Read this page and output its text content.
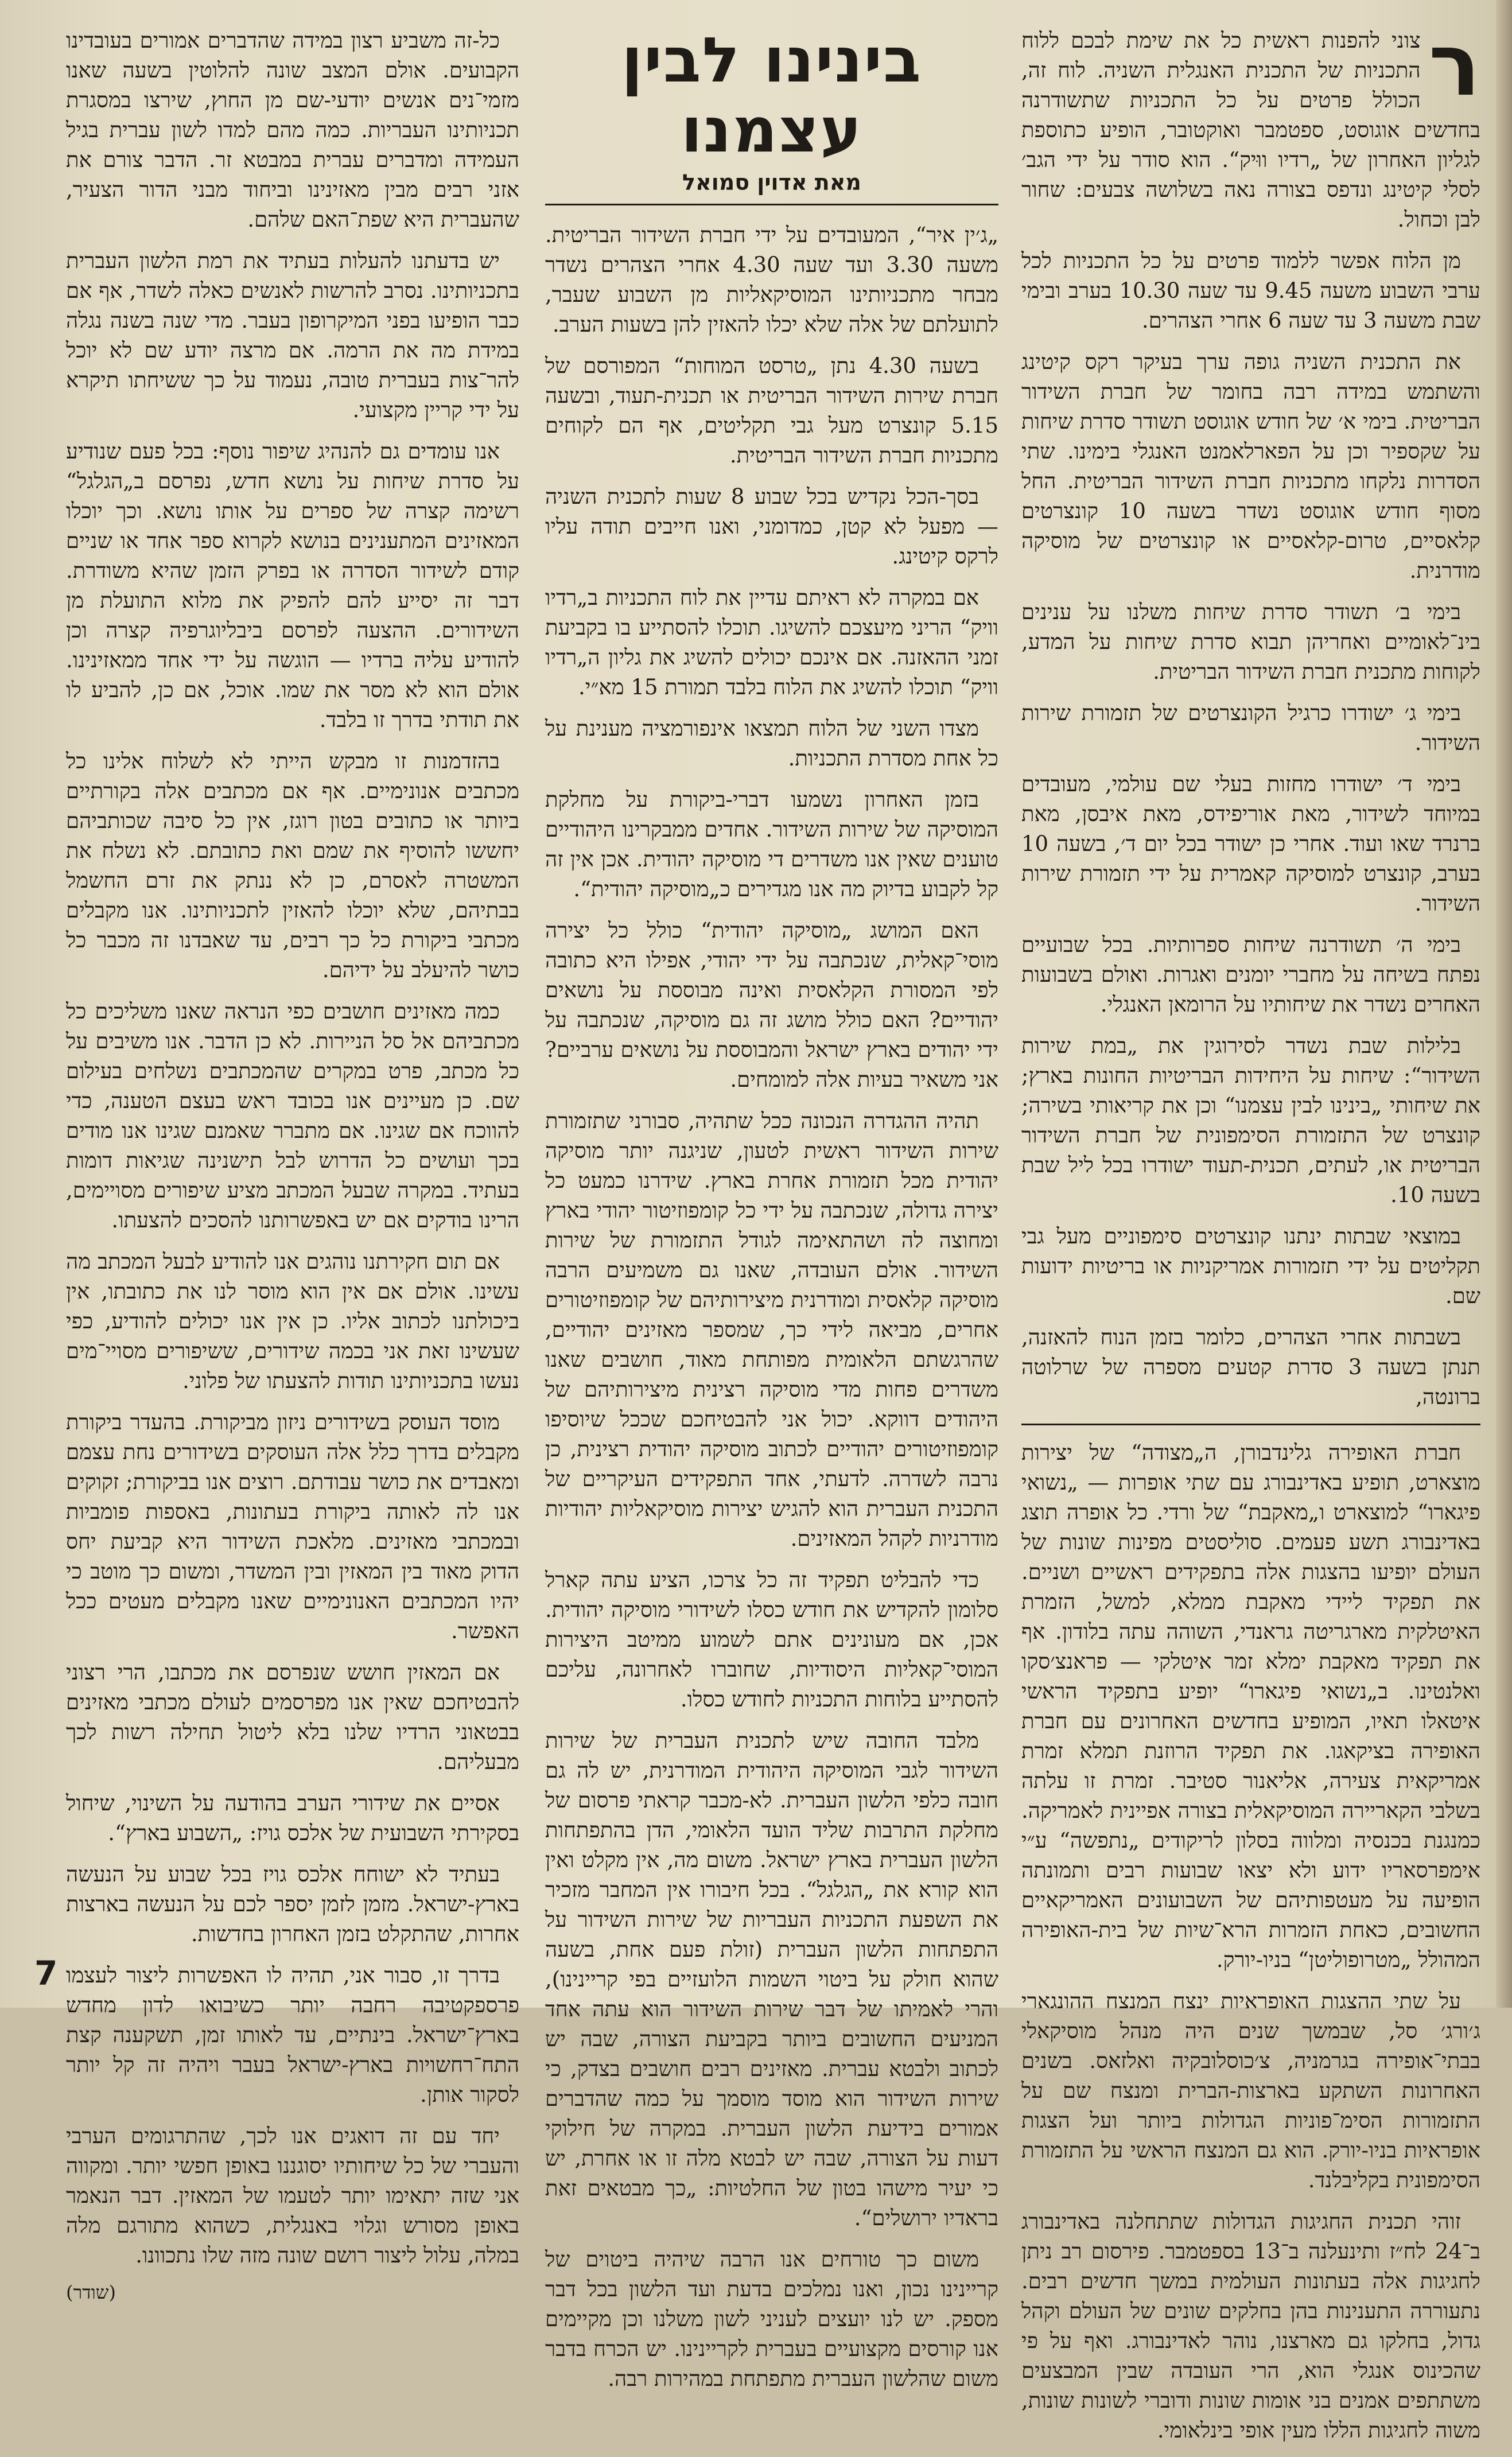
ר
צוני להפנות ראשית כל את שימת לבכם ללוח התכניות של התכנית האנגלית השניה. לוח זה, הכולל פרטים על כל התכניות שתשודרנה בחדשים אוגוסט, ספטמבר ואוקטובר, הופיע כתוספת לגליון האחרון של „רדיו ווּיק“. הוא סודר על ידי הגב׳ לסלי קיטינג ונדפס בצורה נאה בשלושה צבעים: שחור לבן וכחול.

מן הלוח אפשר ללמוד פרטים על כל התכניות לכל ערבי השבוע משעה 9.45 עד שעה 10.30 בערב ובימי שבת משעה 3 עד שעה 6 אחרי הצהרים.

את התכנית השניה גופה ערך בעיקר רקס קיטינג והשתמש במידה רבה בחומר של חברת השידור הבריטית. בימי א׳ של חודש אוגוסט תשודר סדרת שיחות על שקספיר וכן על הפארלאמנט האנגלי בימינו. שתי הסדרות נלקחו מתכניות חברת השידור הבריטית. החל מסוף חודש אוגוסט נשדר בשעה 10 קונצרטים קלאסיים, טרום-קלאסיים או קונצרטים של מוסיקה מודרנית.

בימי ב׳ תשודר סדרת שיחות משלנו על ענינים בינ־לאומיים ואחריהן תבוא סדרת שיחות על המדע, לקוחות מתכנית חברת השידור הבריטית.

בימי ג׳ ישודרו כרגיל הקונצרטים של תזמורת שירות השידור.

בימי ד׳ ישודרו מחזות בעלי שם עולמי, מעובדים במיוחד לשידור, מאת אוריפידס, מאת איבסן, מאת ברנרד שאו ועוד. אחרי כן ישודר בכל יום ד׳, בשעה 10 בערב, קונצרט למוסיקה קאמרית על ידי תזמורת שירות השידור.

בימי ה׳ תשודרנה שיחות ספרותיות. בכל שבועיים נפתח בשיחה על מחברי יומנים ואגרות. ואולם בשבועות האחרים נשדר את שיחותיו על הרומאן האנגלי.

בלילות שבת נשדר לסירוגין את „במת שירות השידור“: שיחות על היחידות הבריטיות החונות בארץ; את שיחותי „בינינו לבין עצמנו“ וכן את קריאותי בשירה; קונצרט של התזמורת הסימפונית של חברת השידור הבריטית או, לעתים, תכנית-תעוד ישודרו בכל ליל שבת בשעה 10.

במוצאי שבתות ינתנו קונצרטים סימפוניים מעל גבי תקליטים על ידי תזמורות אמריקניות או בריטיות ידועות שם.

בשבתות אחרי הצהרים, כלומר בזמן הנוח להאזנה, תנתן בשעה 3 סדרת קטעים מספרה של שרלוטה ברונטה,

חברת האופירה גלינדבורן, ה„מצודה“ של יצירות מוצארט, תופיע באדינבורג עם שתי אופרות — „נשואי פיגארו“ למוצארט ו„מאקבת“ של ורדי. כל אופרה תוצג באדינבורג תשע פעמים. סוליסטים מפינות שונות של העולם יופיעו בהצגות אלה בתפקידים ראשיים ושניים. את תפקיד ליידי מאקבת ממלא, למשל, הזמרת האיטלקית מארגריטה גראנדי, השוהה עתה בלודון. אף את תפקיד מאקבת ימלא זמר איטלקי — פראנצ׳סקו ואלנטינו. ב„נשואי פיגארו“ יופיע בתפקיד הראשי איטאלו תאיו, המופיע בחדשים האחרונים עם חברת האופירה בציקאגו. את תפקיד הרוזנת תמלא זמרת אמריקאית צעירה, אליאנור סטיבר. זמרת זו עלתה בשלבי הקאריירה המוסיקאלית בצורה אפיינית לאמריקה. כמנגנת בכנסיה ומלווה בסלון לריקודים „נתפשה“ ע״י אימפרסאריו ידוע ולא יצאו שבועות רבים ותמונתה הופיעה על מעטפותיהם של השבועונים האמריקאיים החשובים, כאחת הזמרות הרא־שיות של בית-האופירה המהולל „מטרופוליטן“ בניו-יורק.

על שתי ההצגות האופראיות ינצח המנצח ההונגארי ג׳ורג׳ סל, שבמשך שנים היה מנהל מוסיקאלי בבתי־אופירה בגרמניה, צ׳כוסלובקיה ואלזאס. בשנים האחרונות השתקע בארצות-הברית ומנצח שם על התזמורות הסימ־פוניות הגדולות ביותר ועל הצגות אופראיות בניו-יורק. הוא גם המנצח הראשי על התזמורת הסימפונית בקליבלנד.

זוהי תכנית החגיגות הגדולות שתתחלנה באדינבורג ב־24 לח״ז ותינעלנה ב־13 בספטמבר. פירסום רב ניתן לחגיגות אלה בעתונות העולמית במשך חדשים רבים. נתעוררה התענינות בהן בחלקים שונים של העולם וקהל גדול, בחלקו גם מארצנו, נוהר לאדינבורג. ואף על פי שהכינוס אנגלי הוא, הרי העובדה שבין המבצעים משתתפים אמנים בני אומות שונות ודוברי לשונות שונות, משוה לחגיגות הללו מעין אופי בינלאומי.

בינינו לבין עצמנו
מאת אדוין סמואל

„ג׳ין איר“, המעובדים על ידי חברת השידור הבריטית. משעה 3.30 ועד שעה 4.30 אחרי הצהרים נשדר מבחר מתכניותינו המוסיקאליות מן השבוע שעבר, לתועלתם של אלה שלא יכלו להאזין להן בשעות הערב.

בשעה 4.30 נתן „טרסט המוחות“ המפורסם של חברת שירות השידור הבריטית או תכנית-תעוד, ובשעה 5.15 קונצרט מעל גבי תקליטים, אף הם לקוחים מתכניות חברת השידור הבריטית.

בסך-הכל נקדיש בכל שבוע 8 שעות לתכנית השניה — מפעל לא קטן, כמדומני, ואנו חייבים תודה עליו לרקס קיטינג.

אם במקרה לא ראיתם עדיין את לוח התכניות ב„רדיו וויק“ הריני מיעצכם להשיגו. תוכלו להסתייע בו בקביעת זמני ההאזנה. אם אינכם יכולים להשיג את גליון ה„רדיו וויק“ תוכלו להשיג את הלוח בלבד תמורת 15 מא״י.

מצדו השני של הלוח תמצאו אינפורמציה מענינת על כל אחת מסדרת התכניות.

בזמן האחרון נשמעו דברי-ביקורת על מחלקת המוסיקה של שירות השידור. אחדים ממבקרינו היהודיים טוענים שאין אנו משדרים די מוסיקה יהודית. אכן אין זה קל לקבוע בדיוק מה אנו מגדירים כ„מוסיקה יהודית“.

האם המושג „מוסיקה יהודית“ כולל כל יצירה מוסי־קאלית, שנכתבה על ידי יהודי, אפילו היא כתובה לפי המסורת הקלאסית ואינה מבוססת על נושאים יהודיים? האם כולל מושג זה גם מוסיקה, שנכתבה על ידי יהודים בארץ ישראל והמבוססת על נושאים ערביים? אני משאיר בעיות אלה למומחים.

תהיה ההגדרה הנכונה ככל שתהיה, סבורני שתזמורת שירות השידור ראשית לטעון, שניגנה יותר מוסיקה יהודית מכל תזמורת אחרת בארץ. שידרנו כמעט כל יצירה גדולה, שנכתבה על ידי כל קומפוזיטור יהודי בארץ ומחוצה לה ושהתאימה לגודל התזמורת של שירות השידור. אולם העובדה, שאנו גם משמיעים הרבה מוסיקה קלאסית ומודרנית מיצירותיהם של קומפוזיטורים אחרים, מביאה לידי כך, שמספר מאזינים יהודיים, שהרגשתם הלאומית מפותחת מאוד, חושבים שאנו משדרים פחות מדי מוסיקה רצינית מיצירותיהם של היהודים דווקא. יכול אני להבטיחכם שככל שיוסיפו קומפוזיטורים יהודיים לכתוב מוסיקה יהודית רצינית, כן נרבה לשדרה. לדעתי, אחד התפקידים העיקריים של התכנית העברית הוא להגיש יצירות מוסיקאליות יהודיות מודרניות לקהל המאזינים.

כדי להבליט תפקיד זה כל צרכו, הציע עתה קארל סלומון להקדיש את חודש כסלו לשידורי מוסיקה יהודית. אכן, אם מעונינים אתם לשמוע ממיטב היצירות המוסי־קאליות היסודיות, שחוברו לאחרונה, עליכם להסתייע בלוחות התכניות לחודש כסלו.

מלבד החובה שיש לתכנית העברית של שירות השידור לגבי המוסיקה היהודית המודרנית, יש לה גם חובה כלפי הלשון העברית. לא-מכבר קראתי פרסום של מחלקת התרבות שליד הועד הלאומי, הדן בהתפתחות הלשון העברית בארץ ישראל. משום מה, אין מקלט ואין הוא קורא את „הגלגל“. בכל חיבורו אין המחבר מזכיר את השפעת התכניות העבריות של שירות השידור על התפתחות הלשון העברית (זולת פעם אחת, בשעה שהוא חולק על ביטוי השמות הלועזיים בפי קריינינו), והרי לאמיתו של דבר שירות השידור הוא עתה אחד המניעים החשובים ביותר בקביעת הצורה, שבה יש לכתוב ולבטא עברית. מאזינים רבים חושבים בצדק, כי שירות השידור הוא מוסד מוסמך על כמה שהדברים אמורים בידיעת הלשון העברית. במקרה של חילוקי דעות על הצורה, שבה יש לבטא מלה זו או אחרת, יש כי יעיר מישהו בטון של החלטיות: „כך מבטאים זאת בראדיו ירושלים“.

משום כך טורחים אנו הרבה שיהיה ביטוים של קריינינו נכון, ואנו נמלכים בדעת ועד הלשון בכל דבר מספק. יש לנו יועצים לעניני לשון משלנו וכן מקיימים אנו קורסים מקצועיים בעברית לקריינינו. יש הכרח בדבר משום שהלשון העברית מתפתחת במהירות רבה.

כל-זה משביע רצון במידה שהדברים אמורים בעובדינו הקבועים. אולם המצב שונה להלוטין בשעה שאנו מזמי־נים אנשים יודעי-שם מן החוץ, שירצו במסגרת תכניותינו העבריות. כמה מהם למדו לשון עברית בגיל העמידה ומדברים עברית במבטא זר. הדבר צורם את אזני רבים מבין מאזינינו וביחוד מבני הדור הצעיר, שהעברית היא שפת־האם שלהם.

יש בדעתנו להעלות בעתיד את רמת הלשון העברית בתכניותינו. נסרב להרשות לאנשים כאלה לשדר, אף אם כבר הופיעו בפני המיקרופון בעבר. מדי שנה בשנה נגלה במידת מה את הרמה. אם מרצה יודע שם לא יוכל להר־צות בעברית טובה, נעמוד על כך ששיחתו תיקרא על ידי קריין מקצועי.

אנו עומדים גם להנהיג שיפור נוסף: בכל פעם שנודיע על סדרת שיחות על נושא חדש, נפרסם ב„הגלגל“ רשימה קצרה של ספרים על אותו נושא. וכך יוכלו המאזינים המתענינים בנושא לקרוא ספר אחד או שניים קודם לשידור הסדרה או בפרק הזמן שהיא משודרת. דבר זה יסייע להם להפיק את מלוא התועלת מן השידורים. ההצעה לפרסם ביבליוגרפיה קצרה וכן להודיע עליה ברדיו — הוגשה על ידי אחד ממאזינינו. אולם הוא לא מסר את שמו. אוכל, אם כן, להביע לו את תודתי בדרך זו בלבד.

בהזדמנות זו מבקש הייתי לא לשלוח אלינו כל מכתבים אנונימיים. אף אם מכתבים אלה בקורתיים ביותר או כתובים בטון רוגז, אין כל סיבה שכותביהם יחששו להוסיף את שמם ואת כתובתם. לא נשלח את המשטרה לאסרם, כן לא ננתק את זרם החשמל בבתיהם, שלא יוכלו להאזין לתכניותינו. אנו מקבלים מכתבי ביקורת כל כך רבים, עד שאבדנו זה מכבר כל כושר להיעלב על ידיהם.

כמה מאזינים חושבים כפי הנראה שאנו משליכים כל מכתביהם אל סל הניירות. לא כן הדבר. אנו משיבים על כל מכתב, פרט במקרים שהמכתבים נשלחים בעילום שם. כן מעיינים אנו בכובד ראש בעצם הטענה, כדי להווכח אם שגינו. אם מתברר שאמנם שגינו אנו מודים בכך ועושים כל הדרוש לבל תישנינה שגיאות דומות בעתיד. במקרה שבעל המכתב מציע שיפורים מסויימים, הרינו בודקים אם יש באפשרותנו להסכים להצעתו.

אם תום חקירתנו נוהגים אנו להודיע לבעל המכתב מה עשינו. אולם אם אין הוא מוסר לנו את כתובתו, אין ביכולתנו לכתוב אליו. כן אין אנו יכולים להודיע, כפי שעשינו זאת אני בכמה שידורים, ששיפורים מסויי־מים נעשו בתכניותינו תודות להצעתו של פלוני.

מוסד העוסק בשידורים ניזון מביקורת. בהעדר ביקורת מקבלים בדרך כלל אלה העוסקים בשידורים נחת עצמם ומאבדים את כושר עבודתם. רוצים אנו בביקורת; זקוקים אנו לה לאותה ביקורת בעתונות, באספות פומביות ובמכתבי מאזינים. מלאכת השידור היא קביעת יחס הדוק מאוד בין המאזין ובין המשדר, ומשום כך מוטב כי יהיו המכתבים האנונימיים שאנו מקבלים מעטים ככל האפשר.

אם המאזין חושש שנפרסם את מכתבו, הרי רצוני להבטיחכם שאין אנו מפרסמים לעולם מכתבי מאזינים בבטאוני הרדיו שלנו בלא ליטול תחילה רשות לכך מבעליהם.

אסיים את שידורי הערב בהודעה על השינוי, שיחול בסקירתי השבועית של אלכס גויז: „השבוע בארץ“.

בעתיד לא ישוחח אלכס גויז בכל שבוע על הנעשה בארץ-ישראל. מזמן לזמן יספר לכם על הנעשה בארצות אחרות, שהתקלט בזמן האחרון בחדשות.

בדרך זו, סבור אני, תהיה לו האפשרות ליצור לעצמו פרספקטיבה רחבה יותר כשיבואו לדון מחדש בארץ־ישראל. בינתיים, עד לאותו זמן, תשקענה קצת התח־רחשויות בארץ-ישראל בעבר ויהיה זה קל יותר לסקור אותן.

יחד עם זה דואגים אנו לכך, שהתרגומים הערבי והעברי של כל שיחותיו יסוגננו באופן חפשי יותר. ומקווה אני שזה יתאימו יותר לטעמו של המאזין. דבר הנאמר באופן מסורש וגלוי באנגלית, כשהוא מתורגם מלה במלה, עלול ליצור רושם שונה מזה שלו נתכוונו.

(שודר)
7
